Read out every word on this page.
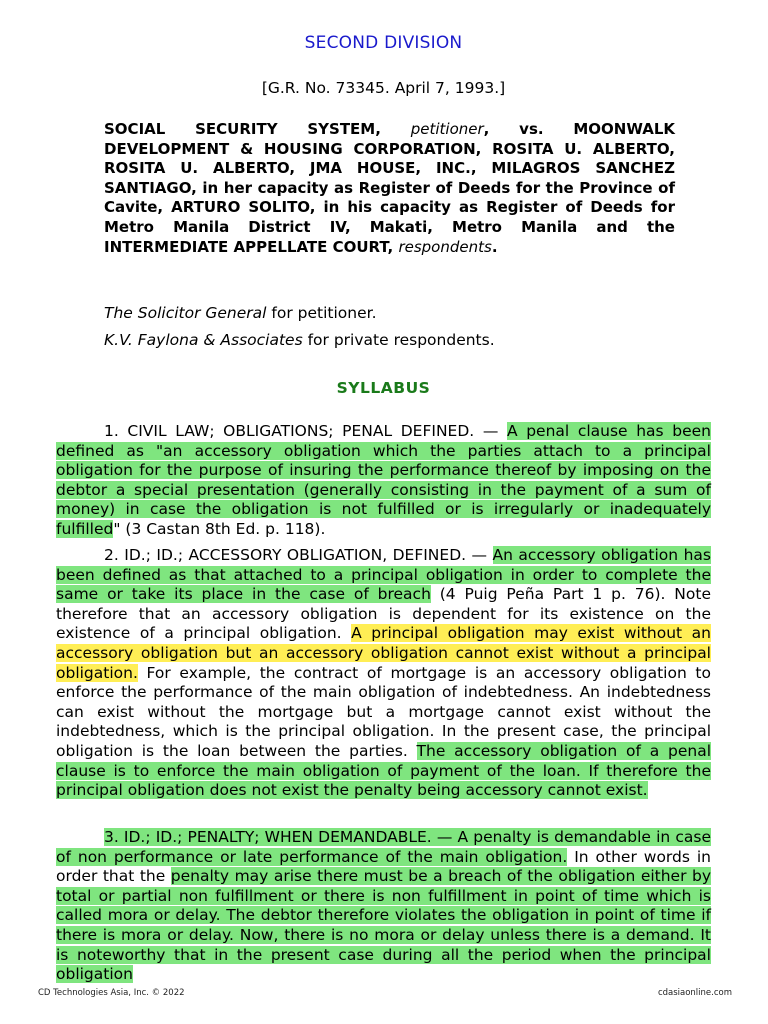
SECOND DIVISION
[G.R. No. 73345. April 7, 1993.]
SOCIAL SECURITY SYSTEM, petitioner, vs. MOONWALK DEVELOPMENT & HOUSING CORPORATION, ROSITA U. ALBERTO, ROSITA U. ALBERTO, JMA HOUSE, INC., MILAGROS SANCHEZ SANTIAGO, in her capacity as Register of Deeds for the Province of Cavite, ARTURO SOLITO, in his capacity as Register of Deeds for Metro Manila District IV, Makati, Metro Manila and the INTERMEDIATE APPELLATE COURT, respondents.
The Solicitor General for petitioner.
K.V. Faylona & Associates for private respondents.
SYLLABUS
1. CIVIL LAW; OBLIGATIONS; PENAL DEFINED. — A penal clause has been defined as "an accessory obligation which the parties attach to a principal obligation for the purpose of insuring the performance thereof by imposing on the debtor a special presentation (generally consisting in the payment of a sum of money) in case the obligation is not fulfilled or is irregularly or inadequately fulfilled" (3 Castan 8th Ed. p. 118).
2. ID.; ID.; ACCESSORY OBLIGATION, DEFINED. — An accessory obligation has been defined as that attached to a principal obligation in order to complete the same or take its place in the case of breach (4 Puig Peña Part 1 p. 76). Note therefore that an accessory obligation is dependent for its existence on the existence of a principal obligation. A principal obligation may exist without an accessory obligation but an accessory obligation cannot exist without a principal obligation. For example, the contract of mortgage is an accessory obligation to enforce the performance of the main obligation of indebtedness. An indebtedness can exist without the mortgage but a mortgage cannot exist without the indebtedness, which is the principal obligation. In the present case, the principal obligation is the loan between the parties. The accessory obligation of a penal clause is to enforce the main obligation of payment of the loan. If therefore the principal obligation does not exist the penalty being accessory cannot exist.
3. ID.; ID.; PENALTY; WHEN DEMANDABLE. — A penalty is demandable in case of non performance or late performance of the main obligation. In other words in order that the penalty may arise there must be a breach of the obligation either by total or partial non fulfillment or there is non fulfillment in point of time which is called mora or delay. The debtor therefore violates the obligation in point of time if there is mora or delay. Now, there is no mora or delay unless there is a demand. It is noteworthy that in the present case during all the period when the principal obligation
CD Technologies Asia, Inc. © 2022	cdasiaonline.com
